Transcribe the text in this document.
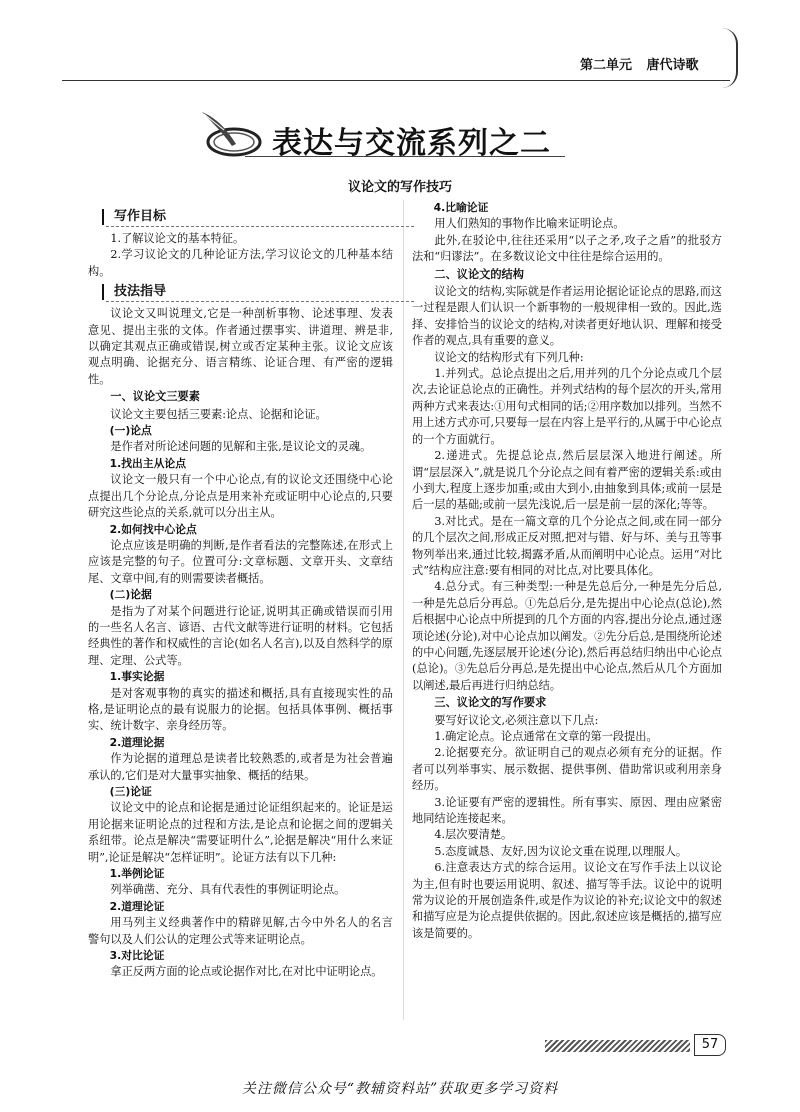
第二单元 唐代诗歌
表达与交流系列之二
议论文的写作技巧
写作目标

1.了解议论文的基本特征。

2.学习议论文的几种论证方法,学习议论文的几种基本结构。

技法指导

议论文又叫说理文,它是一种剖析事物、论述事理、发表意见、提出主张的文体。作者通过摆事实、讲道理、辨是非,以确定其观点正确或错误,树立或否定某种主张。议论文应该观点明确、论据充分、语言精练、论证合理、有严密的逻辑性。

一、议论文三要素

议论文主要包括三要素:论点、论据和论证。

(一)论点

是作者对所论述问题的见解和主张,是议论文的灵魂。

1.找出主从论点

议论文一般只有一个中心论点,有的议论文还围绕中心论点提出几个分论点,分论点是用来补充或证明中心论点的,只要研究这些论点的关系,就可以分出主从。

2.如何找中心论点

论点应该是明确的判断,是作者看法的完整陈述,在形式上应该是完整的句子。位置可分:文章标题、文章开头、文章结尾、文章中间,有的则需要读者概括。

(二)论据

是指为了对某个问题进行论证,说明其正确或错误而引用的一些名人名言、谚语、古代文献等进行证明的材料。它包括经典性的著作和权威性的言论(如名人名言),以及自然科学的原理、定理、公式等。

1.事实论据

是对客观事物的真实的描述和概括,具有直接现实性的品格,是证明论点的最有说服力的论据。包括具体事例、概括事实、统计数字、亲身经历等。

2.道理论据

作为论据的道理总是读者比较熟悉的,或者是为社会普遍承认的,它们是对大量事实抽象、概括的结果。

(三)论证

议论文中的论点和论据是通过论证组织起来的。论证是运用论据来证明论点的过程和方法,是论点和论据之间的逻辑关系纽带。论点是解决“需要证明什么”,论据是解决“用什么来证明”,论证是解决“怎样证明”。论证方法有以下几种:

1.举例论证

列举确凿、充分、具有代表性的事例证明论点。

2.道理论证

用马列主义经典著作中的精辟见解,古今中外名人的名言警句以及人们公认的定理公式等来证明论点。

3.对比论证

拿正反两方面的论点或论据作对比,在对比中证明论点。

4.比喻论证

用人们熟知的事物作比喻来证明论点。

此外,在驳论中,往往还采用“以子之矛,攻子之盾”的批驳方法和“归谬法”。在多数议论文中往往是综合运用的。

二、议论文的结构

议论文的结构,实际就是作者运用论据论证论点的思路,而这一过程是跟人们认识一个新事物的一般规律相一致的。因此,选择、安排恰当的议论文的结构,对读者更好地认识、理解和接受作者的观点,具有重要的意义。

议论文的结构形式有下列几种:

1.并列式。总论点提出之后,用并列的几个分论点或几个层次,去论证总论点的正确性。并列式结构的每个层次的开头,常用两种方式来表达:①用句式相同的话;②用序数加以排列。当然不用上述方式亦可,只要每一层在内容上是平行的,从属于中心论点的一个方面就行。

2.递进式。先提总论点,然后层层深入地进行阐述。所谓“层层深入”,就是说几个分论点之间有着严密的逻辑关系:或由小到大,程度上逐步加重;或由大到小,由抽象到具体;或前一层是后一层的基础;或前一层先浅说,后一层是前一层的深化;等等。

3.对比式。是在一篇文章的几个分论点之间,或在同一部分的几个层次之间,形成正反对照,把对与错、好与坏、美与丑等事物列举出来,通过比较,揭露矛盾,从而阐明中心论点。运用“对比式”结构应注意:要有相同的对比点,对比要具体化。

4.总分式。有三种类型:一种是先总后分,一种是先分后总,一种是先总后分再总。①先总后分,是先提出中心论点(总论),然后根据中心论点中所提到的几个方面的内容,提出分论点,通过逐项论述(分论),对中心论点加以阐发。②先分后总,是围绕所论述的中心问题,先逐层展开论述(分论),然后再总结归纳出中心论点(总论)。③先总后分再总,是先提出中心论点,然后从几个方面加以阐述,最后再进行归纳总结。

三、议论文的写作要求

要写好议论文,必须注意以下几点:

1.确定论点。论点通常在文章的第一段提出。

2.论据要充分。欲证明自己的观点必须有充分的证据。作者可以列举事实、展示数据、提供事例、借助常识或利用亲身经历。

3.论证要有严密的逻辑性。所有事实、原因、理由应紧密地同结论连接起来。

4.层次要清楚。

5.态度诚恳、友好,因为议论文重在说理,以理服人。

6.注意表达方式的综合运用。议论文在写作手法上以议论为主,但有时也要运用说明、叙述、描写等手法。议论中的说明常为议论的开展创造条件,或是作为议论的补充;议论文中的叙述和描写应是为论点提供依据的。因此,叙述应该是概括的,描写应该是简要的。

57
关注微信公众号“教辅资料站”获取更多学习资料
